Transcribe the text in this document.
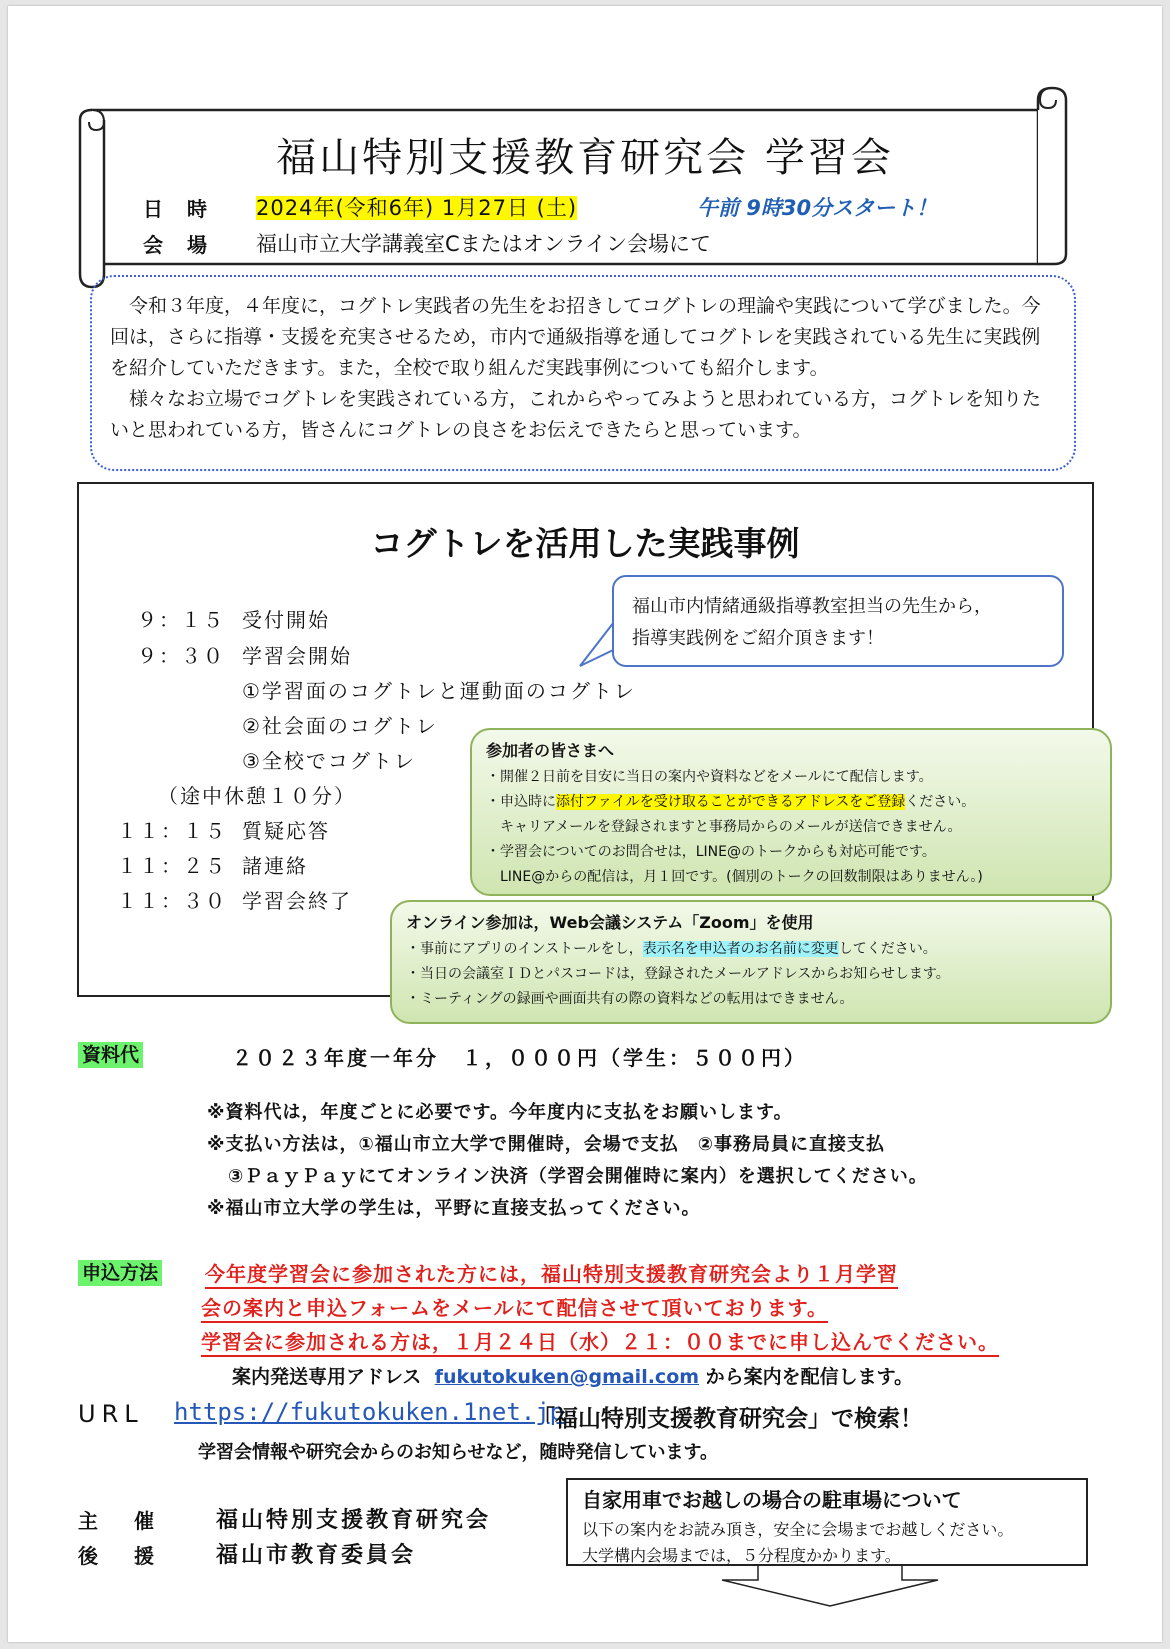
福山特別支援教育研究会 学習会
日時 2024年(令和6年) 1月27日 (土)	午前 9時30分スタート！
会場 福山市立大学講義室Cまたはオンライン会場にて

令和３年度，４年度に，コグトレ実践者の先生をお招きしてコグトレの理論や実践について学びました。今回は，さらに指導・支援を充実させるため，市内で通級指導を通してコグトレを実践されている先生に実践例を紹介していただきます。また，全校で取り組んだ実践事例についても紹介します。

様々なお立場でコグトレを実践されている方，これからやってみようと思われている方，コグトレを知りたいと思われている方，皆さんにコグトレの良さをお伝えできたらと思っています。

コグトレを活用した実践事例
福山市内情緒通級指導教室担当の先生から，
指導実践例をご紹介頂きます！
９：１５ 受付開始
９：３０ 学習会開始
①学習面のコグトレと運動面のコグトレ
②社会面のコグトレ
③全校でコグトレ
（途中休憩１０分）
１１：１５ 質疑応答
１１：２５ 諸連絡
１１：３０ 学習会終了
参加者の皆さまへ
・開催２日前を目安に当日の案内や資料などをメールにて配信します。
・申込時に添付ファイルを受け取ることができるアドレスをご登録ください。
キャリアメールを登録されますと事務局からのメールが送信できません。
・学習会についてのお問合せは，LINE@のトークからも対応可能です。
LINE@からの配信は，月１回です。(個別のトークの回数制限はありません。)
オンライン参加は，Web会議システム「Zoom」を使用
・事前にアプリのインストールをし，表示名を申込者のお名前に変更してください。
・当日の会議室ＩＤとパスコードは，登録されたメールアドレスからお知らせします。
・ミーティングの録画や画面共有の際の資料などの転用はできません。
資料代	２０２３年度一年分　１，０００円（学生：５００円）
※資料代は，年度ごとに必要です。今年度内に支払をお願いします。
※支払い方法は，①福山市立大学で開催時，会場で支払　②事務局員に直接支払
③ＰａｙＰａｙにてオンライン決済（学習会開催時に案内）を選択してください。
※福山市立大学の学生は，平野に直接支払ってください。
申込方法 今年度学習会に参加された方には，福山特別支援教育研究会より１月学習
会の案内と申込フォームをメールにて配信させて頂いております。
学習会に参加される方は，１月２４日（水）２１：００までに申し込んでください。
案内発送専用アドレス fukutokuken@gmail.com から案内を配信します。
URL https://fukutokuken.1net.jp
「福山特別支援教育研究会」で検索！
学習会情報や研究会からのお知らせなど，随時発信しています。
主催 福山特別支援教育研究会
後援 福山市教育委員会
自家用車でお越しの場合の駐車場について
以下の案内をお読み頂き，安全に会場までお越しください。
大学構内会場までは，５分程度かかります。
